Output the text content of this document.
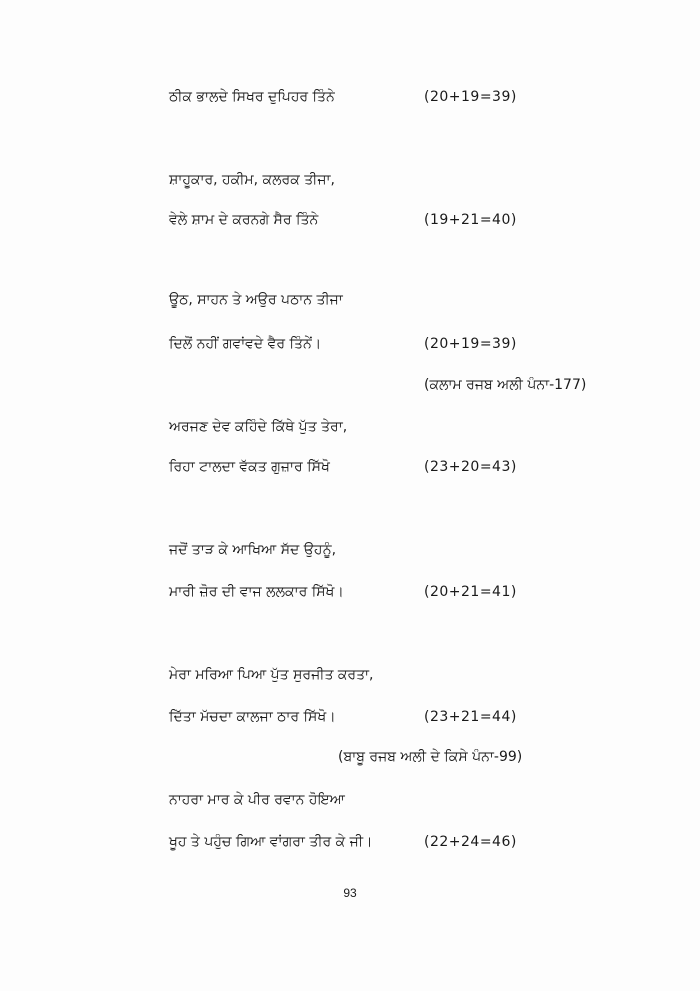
ਠੀਕ ਭਾਲਦੇ ਸਿਖਰ ਦੁਪਿਹਰ ਤਿੰਨੇ	(20+19=39)
ਸ਼ਾਹੂਕਾਰ, ਹਕੀਮ, ਕਲਰਕ ਤੀਜਾ,
ਵੇਲੇ ਸ਼ਾਮ ਦੇ ਕਰਨਗੇ ਸੈਰ ਤਿੰਨੇ	(19+21=40)
ਊਠ, ਸਾਹਨ ਤੇ ਅਉਰ ਪਠਾਨ ਤੀਜਾ
ਦਿਲੋਂ ਨਹੀਂ ਗਵਾਂਵਦੇ ਵੈਰ ਤਿੰਨੇਂ।	(20+19=39)
(ਕਲਾਮ ਰਜਬ ਅਲੀ ਪੰਨਾ-177)
ਅਰਜਣ ਦੇਵ ਕਹਿੰਦੇ ਕਿੱਥੇ ਪੁੱਤ ਤੇਰਾ,
ਰਿਹਾ ਟਾਲਦਾ ਵੱਕਤ ਗੁਜ਼ਾਰ ਸਿੱਖੋ	(23+20=43)
ਜਦੋਂ ਤਾੜ ਕੇ ਆਖਿਆ ਸੱਦ ਉਹਨੂੰ,
ਮਾਰੀ ਜ਼ੋਰ ਦੀ ਵਾਜ ਲਲਕਾਰ ਸਿੱਖੋ।	(20+21=41)
ਮੇਰਾ ਮਰਿਆ ਪਿਆ ਪੁੱਤ ਸੁਰਜੀਤ ਕਰਤਾ,
ਦਿੱਤਾ ਮੱਚਦਾ ਕਾਲਜਾ ਠਾਰ ਸਿੱਖੋ।	(23+21=44)
(ਬਾਬੂ ਰਜਬ ਅਲੀ ਦੇ ਕਿਸੇ ਪੰਨਾ-99)
ਨਾਹਰਾ ਮਾਰ ਕੇ ਪੀਰ ਰਵਾਨ ਹੋਇਆ
ਖੂਹ ਤੇ ਪਹੁੰਚ ਗਿਆ ਵਾਂਗਰਾ ਤੀਰ ਕੇ ਜੀ।	(22+24=46)
93
